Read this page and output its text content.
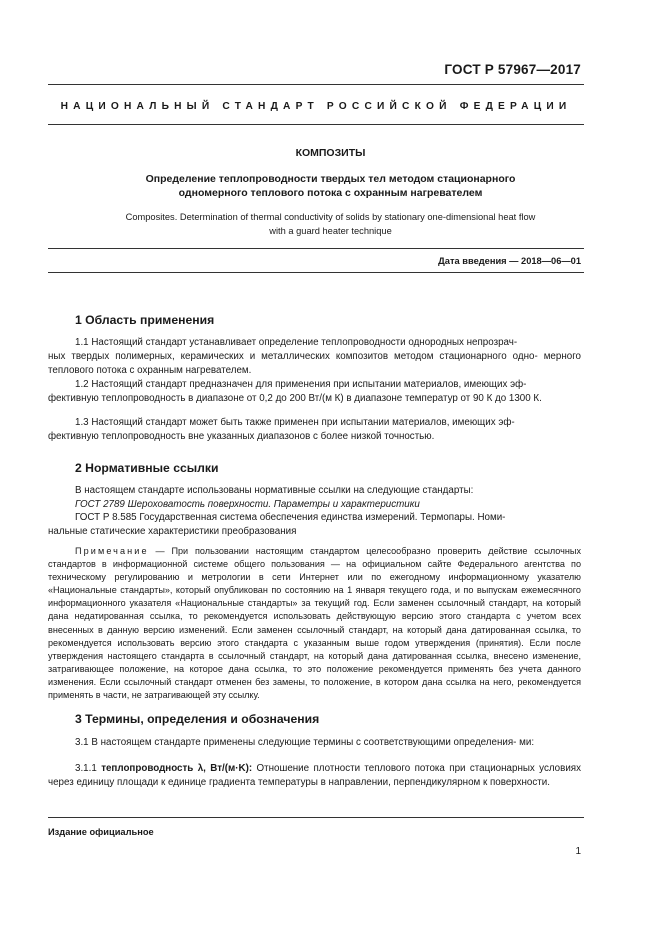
ГОСТ Р 57967—2017
НАЦИОНАЛЬНЫЙ СТАНДАРТ РОССИЙСКОЙ ФЕДЕРАЦИИ
КОМПОЗИТЫ
Определение теплопроводности твердых тел методом стационарного
одномерного теплового потока с охранным нагревателем
Composites. Determination of thermal conductivity of solids by stationary one-dimensional heat flow
with a guard heater technique
Дата введения — 2018—06—01
1 Область применения
1.1 Настоящий стандарт устанавливает определение теплопроводности однородных непрозрач-
ных твердых полимерных, керамических и металлических композитов методом стационарного одно- мерного теплового потока с охранным нагревателем.
1.2 Настоящий стандарт предназначен для применения при испытании материалов, имеющих эф-
фективную теплопроводность в диапазоне от 0,2 до 200 Вт/(м К) в диапазоне температур от 90 К до 1300 К.
1.3 Настоящий стандарт может быть также применен при испытании материалов, имеющих эф-
фективную теплопроводность вне указанных диапазонов с более низкой точностью.
2 Нормативные ссылки
В настоящем стандарте использованы нормативные ссылки на следующие стандарты:
ГОСТ 2789 Шероховатость поверхности. Параметры и характеристики
ГОСТ Р 8.585 Государственная система обеспечения единства измерений. Термопары. Номи-
нальные статические характеристики преобразования
Примечание — При пользовании настоящим стандартом целесообразно проверить действие ссылочных стандартов в информационной системе общего пользования — на официальном сайте Федерального агентства по техническому регулированию и метрологии в сети Интернет или по ежегодному информационному указателю «Национальные стандарты», который опубликован по состоянию на 1 января текущего года, и по выпускам ежемесячного информационного указателя «Национальные стандарты» за текущий год. Если заменен ссылочный стандарт, на который дана недатированная ссылка, то рекомендуется использовать действующую версию этого стандарта с учетом всех внесенных в данную версию изменений. Если заменен ссылочный стандарт, на который дана датированная ссылка, то рекомендуется использовать версию этого стандарта с указанным выше годом утверждения (принятия). Если после утверждения настоящего стандарта в ссылочный стандарт, на который дана датированная ссылка, внесено изменение, затрагивающее положение, на которое дана ссылка, то это положение рекомендуется применять без учета данного изменения. Если ссылочный стандарт отменен без замены, то положение, в котором дана ссылка на него, рекомендуется применять в части, не затрагивающей эту ссылку.
3 Термины, определения и обозначения
3.1 В настоящем стандарте применены следующие термины с соответствующими определения- ми:
3.1.1 теплопроводность λ, Вт/(м·K): Отношение плотности теплового потока при стационарных условиях через единицу площади к единице градиента температуры в направлении, перпендикулярном к поверхности.
Издание официальное
1
